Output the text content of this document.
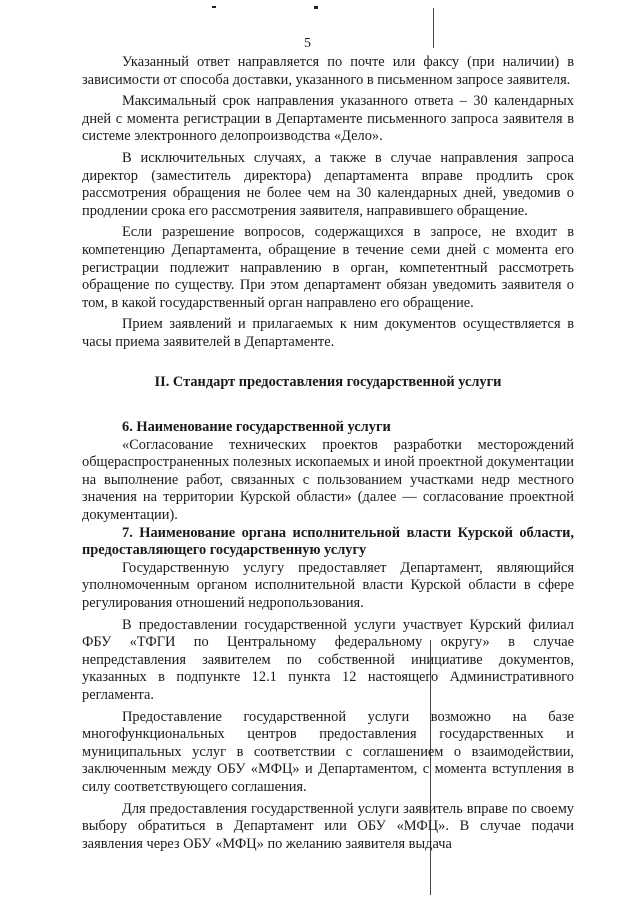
5

Указанный ответ направляется по почте или факсу (при наличии) в зависимости от способа доставки, указанного в письменном запросе заявителя.

Максимальный срок направления указанного ответа – 30 календарных дней с момента регистрации в Департаменте письменного запроса заявителя в системе электронного делопроизводства «Дело».

В исключительных случаях, а также в случае направления запроса директор (заместитель директора) департамента вправе продлить срок рассмотрения обращения не более чем на 30 календарных дней, уведомив о продлении срока его рассмотрения заявителя, направившего обращение.

Если разрешение вопросов, содержащихся в запросе, не входит в компетенцию Департамента, обращение в течение семи дней с момента его регистрации подлежит направлению в орган, компетентный рассмотреть обращение по существу. При этом департамент обязан уведомить заявителя о том, в какой государственный орган направлено его обращение.

Прием заявлений и прилагаемых к ним документов осуществляется в часы приема заявителей в Департаменте.

II. Стандарт предоставления государственной услуги

6. Наименование государственной услуги

«Согласование технических проектов разработки месторождений общераспространенных полезных ископаемых и иной проектной документации на выполнение работ, связанных с пользованием участками недр местного значения на территории Курской области» (далее — согласование проектной документации).

7. Наименование органа исполнительной власти Курской области, предоставляющего государственную услугу

Государственную услугу предоставляет Департамент, являющийся уполномоченным органом исполнительной власти Курской области в сфере регулирования отношений недропользования.

В предоставлении государственной услуги участвует Курский филиал ФБУ «ТФГИ по Центральному федеральному округу» в случае непредставления заявителем по собственной инициативе документов, указанных в подпункте 12.1 пункта 12 настоящего Административного регламента.

Предоставление государственной услуги возможно на базе многофункциональных центров предоставления государственных и муниципальных услуг в соответствии с соглашением о взаимодействии, заключенным между ОБУ «МФЦ» и Департаментом, с момента вступления в силу соответствующего соглашения.

Для предоставления государственной услуги заявитель вправе по своему выбору обратиться в Департамент или ОБУ «МФЦ». В случае подачи заявления через ОБУ «МФЦ» по желанию заявителя выдача
